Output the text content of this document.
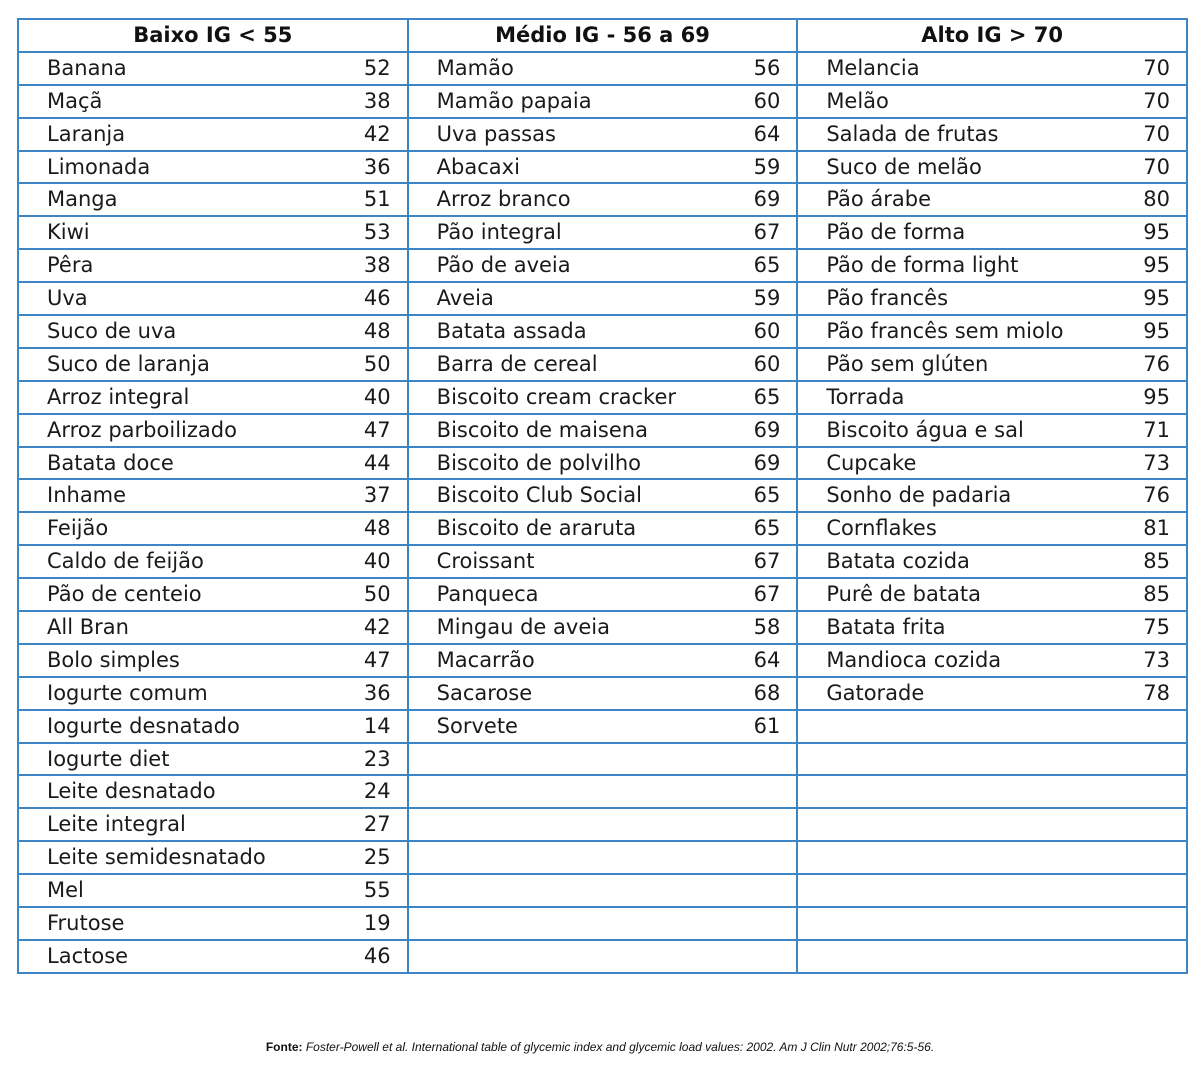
Baixo IG < 55	Médio IG - 56 a 69	Alto IG > 70

Banana 52	Mamão 56	Melancia 70

Maçã 38	Mamão papaia 60	Melão 70

Laranja 42	Uva passas 64	Salada de frutas 70

Limonada 36	Abacaxi 59	Suco de melão 70

Manga 51	Arroz branco 69	Pão árabe 80

Kiwi 53	Pão integral 67	Pão de forma 95

Pêra 38	Pão de aveia 65	Pão de forma light 95

Uva 46	Aveia 59	Pão francês 95

Suco de uva 48	Batata assada 60	Pão francês sem miolo 95

Suco de laranja 50	Barra de cereal 60	Pão sem glúten 76

Arroz integral 40	Biscoito cream cracker 65	Torrada 95

Arroz parboilizado 47	Biscoito de maisena 69	Biscoito água e sal 71

Batata doce 44	Biscoito de polvilho 69	Cupcake 73

Inhame 37	Biscoito Club Social 65	Sonho de padaria 76

Feijão 48	Biscoito de araruta 65	Cornflakes 81

Caldo de feijão 40	Croissant 67	Batata cozida 85

Pão de centeio 50	Panqueca 67	Purê de batata 85

All Bran 42	Mingau de aveia 58	Batata frita 75

Bolo simples 47	Macarrão 64	Mandioca cozida 73

Iogurte comum 36	Sacarose 68	Gatorade 78

Iogurte desnatado 14	Sorvete 61	

Iogurte diet 23		

Leite desnatado 24		

Leite integral 27		

Leite semidesnatado 25		

Mel 55		

Frutose 19		

Lactose 46		

Fonte: Foster-Powell et al. International table of glycemic index and glycemic load values: 2002. Am J Clin Nutr 2002;76:5-56.
